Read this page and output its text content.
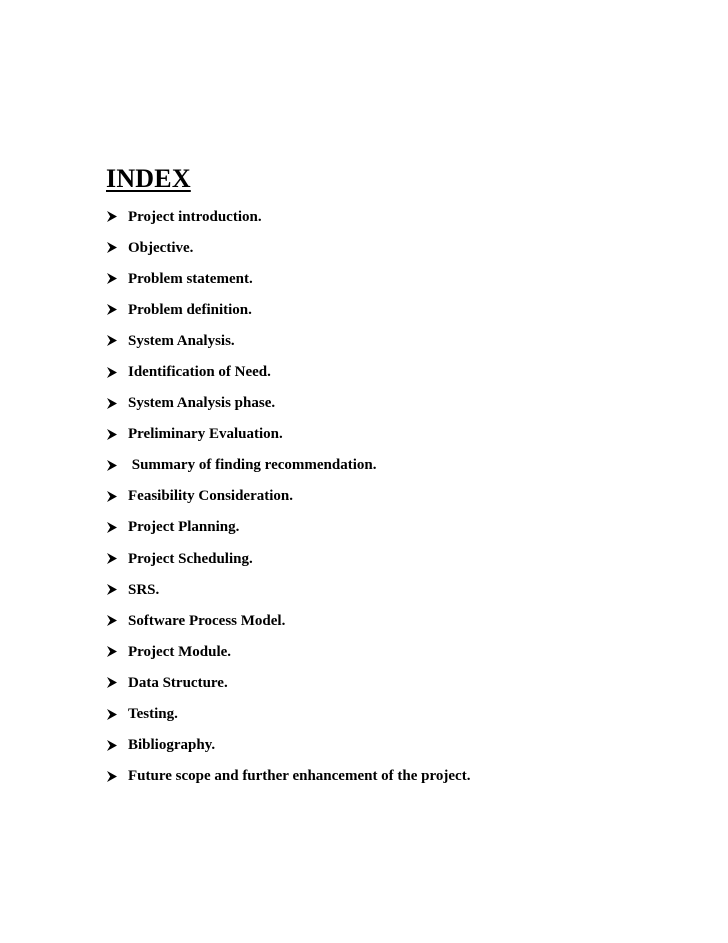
INDEX
Project introduction.
Objective.
Problem statement.
Problem definition.
System Analysis.
Identification of Need.
System Analysis phase.
Preliminary Evaluation.
Summary of finding recommendation.
Feasibility Consideration.
Project Planning.
Project Scheduling.
SRS.
Software Process Model.
Project Module.
Data Structure.
Testing.
Bibliography.
Future scope and further enhancement of the project.
